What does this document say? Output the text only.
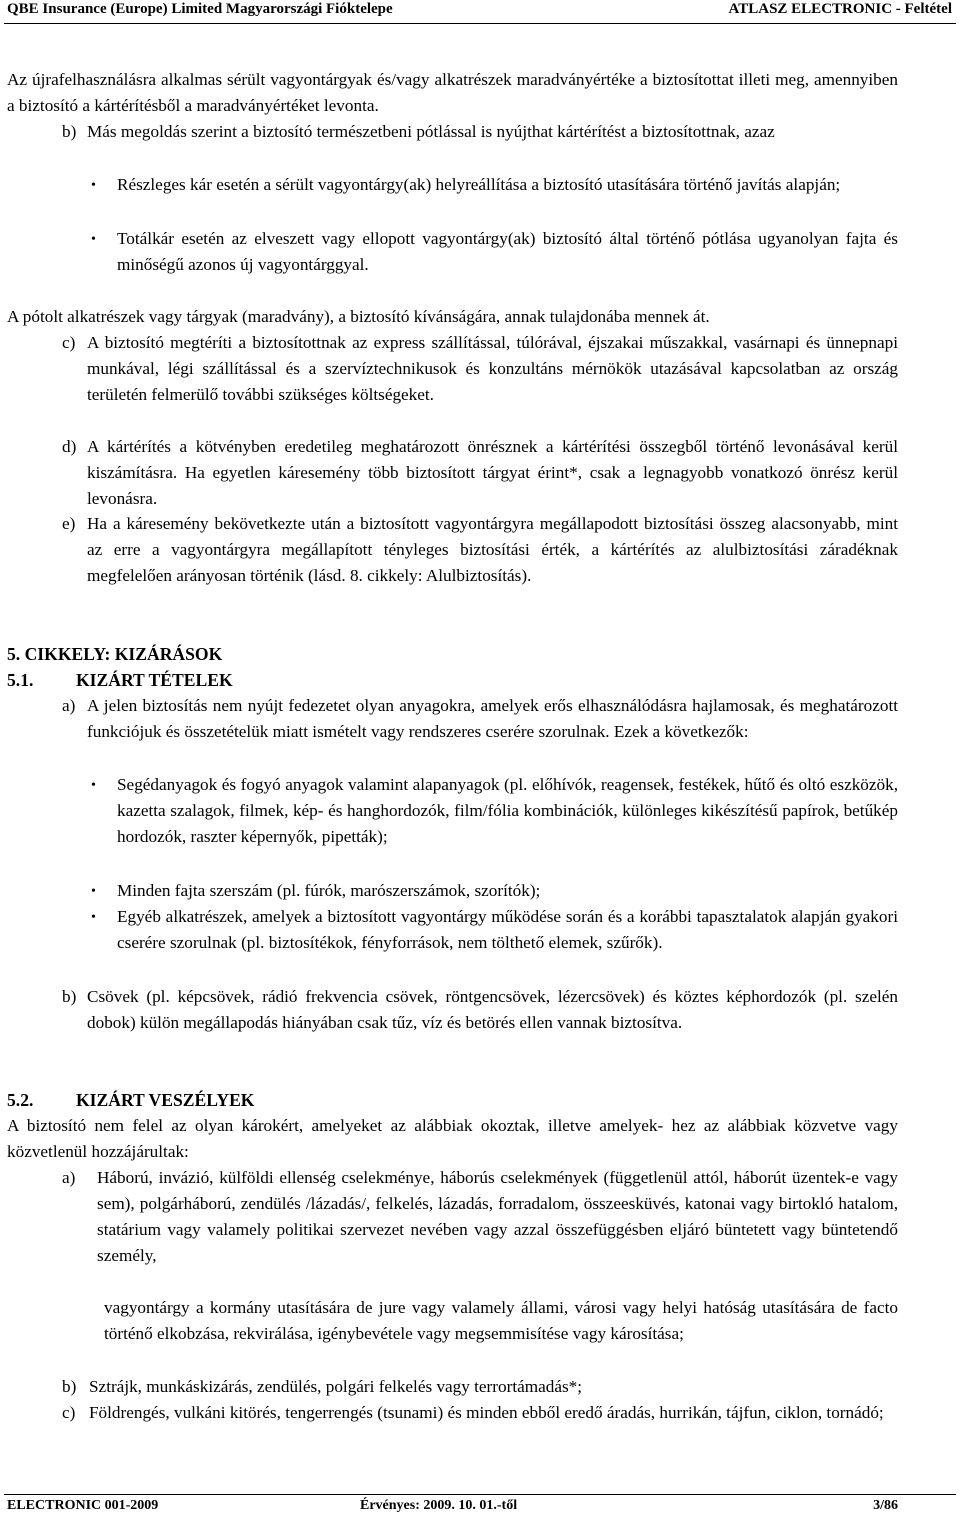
QBE Insurance (Europe) Limited Magyarországi Fióktelepe	ATLASZ ELECTRONIC - Feltétel
Az újrafelhasználásra alkalmas sérült vagyontárgyak és/vagy alkatrészek maradványértéke a biztosítottat illeti meg, amennyiben a biztosító a kártérítésből a maradványértéket levonta.
b) Más megoldás szerint a biztosító természetbeni pótlással is nyújthat kártérítést a biztosítottnak, azaz
• Részleges kár esetén a sérült vagyontárgy(ak) helyreállítása a biztosító utasítására történő javítás alapján;
• Totálkár esetén az elveszett vagy ellopott vagyontárgy(ak) biztosító által történő pótlása ugyanolyan fajta és minőségű azonos új vagyontárggyal.
A pótolt alkatrészek vagy tárgyak (maradvány), a biztosító kívánságára, annak tulajdonába mennek át.
c) A biztosító megtéríti a biztosítottnak az express szállítással, túlórával, éjszakai műszakkal, vasárnapi és ünnepnapi munkával, légi szállítással és a szervíztechnikusok és konzultáns mérnökök utazásával kapcsolatban az ország területén felmerülő további szükséges költségeket.
d) A kártérítés a kötvényben eredetileg meghatározott önrésznek a kártérítési összegből történő levonásával kerül kiszámításra. Ha egyetlen káresemény több biztosított tárgyat érint*, csak a legnagyobb vonatkozó önrész kerül levonásra.
e) Ha a káresemény bekövetkezte után a biztosított vagyontárgyra megállapodott biztosítási összeg alacsonyabb, mint az erre a vagyontárgyra megállapított tényleges biztosítási érték, a kártérítés az alulbiztosítási záradéknak megfelelően arányosan történik (lásd. 8. cikkely: Alulbiztosítás).
5. CIKKELY: KIZÁRÁSOK
5.1. KIZÁRT TÉTELEK
a) A jelen biztosítás nem nyújt fedezetet olyan anyagokra, amelyek erős elhasználódásra hajlamosak, és meghatározott funkciójuk és összetételük miatt ismételt vagy rendszeres cserére szorulnak. Ezek a következők:
• Segédanyagok és fogyó anyagok valamint alapanyagok (pl. előhívók, reagensek, festékek, hűtő és oltó eszközök, kazetta szalagok, filmek, kép- és hanghordozók, film/fólia kombinációk, különleges kikészítésű papírok, betűkép hordozók, raszter képernyők, pipetták);
• Minden fajta szerszám (pl. fúrók, marószerszámok, szorítók);
• Egyéb alkatrészek, amelyek a biztosított vagyontárgy működése során és a korábbi tapasztalatok alapján gyakori cserére szorulnak (pl. biztosítékok, fényforrások, nem tölthető elemek, szűrők).
b) Csövek (pl. képcsövek, rádió frekvencia csövek, röntgencsövek, lézercsövek) és köztes képhordozók (pl. szelén dobok) külön megállapodás hiányában csak tűz, víz és betörés ellen vannak biztosítva.
5.2. KIZÁRT VESZÉLYEK
A biztosító nem felel az olyan károkért, amelyeket az alábbiak okoztak, illetve amelyek- hez az alábbiak közvetve vagy közvetlenül hozzájárultak:
a) Háború, invázió, külföldi ellenség cselekménye, háborús cselekmények (függetlenül attól, háborút üzentek-e vagy sem), polgárháború, zendülés /lázadás/, felkelés, lázadás, forradalom, összeesküvés, katonai vagy birtokló hatalom, statárium vagy valamely politikai szervezet nevében vagy azzal összefüggésben eljáró büntetett vagy büntetendő személy,
vagyontárgy a kormány utasítására de jure vagy valamely állami, városi vagy helyi hatóság utasítására de facto történő elkobzása, rekvirálása, igénybevétele vagy megsemmisítése vagy károsítása;
b) Sztrájk, munkáskizárás, zendülés, polgári felkelés vagy terrortámadás*;
c) Földrengés, vulkáni kitörés, tengerrengés (tsunami) és minden ebből eredő áradás, hurrikán, tájfun, ciklon, tornádó;
ELECTRONIC 001-2009	Érvényes: 2009. 10. 01.-től	3/86
